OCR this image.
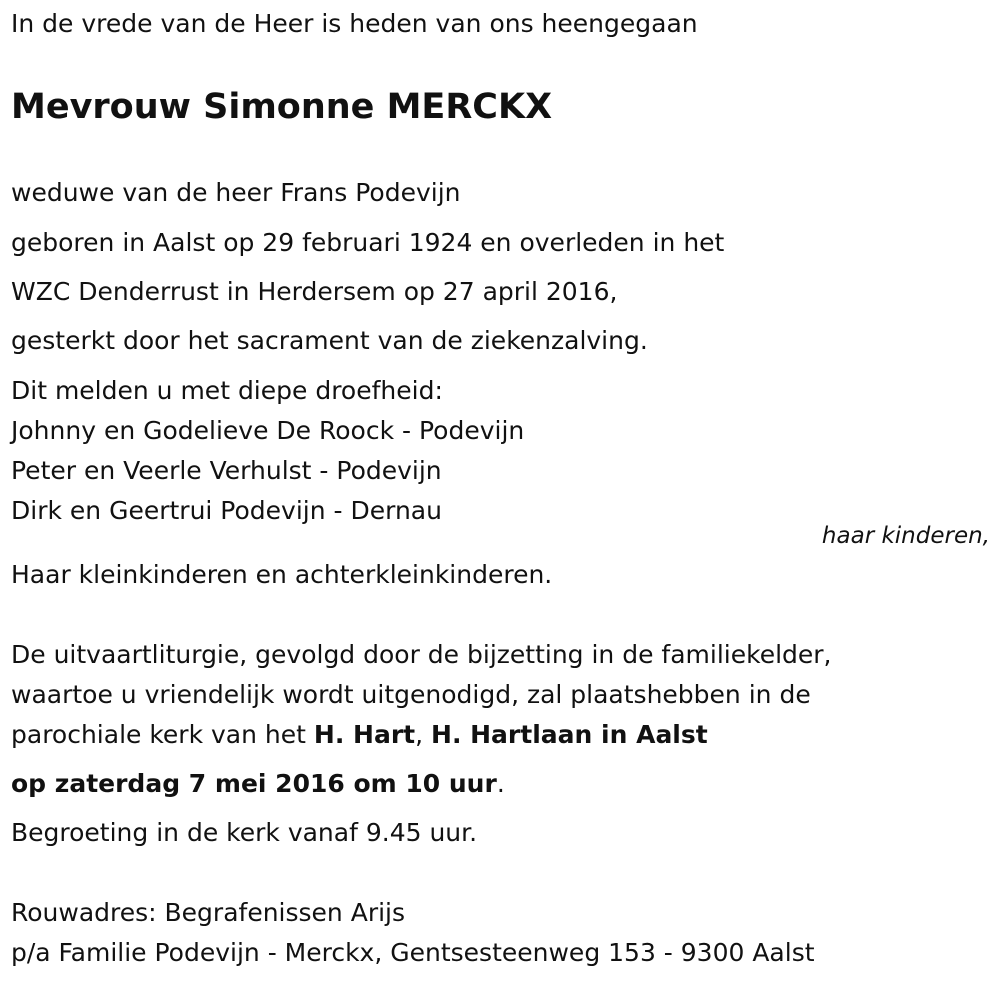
In de vrede van de Heer is heden van ons heengegaan
Mevrouw Simonne MERCKX
weduwe van de heer Frans Podevijn
geboren in Aalst op 29 februari 1924 en overleden in het
WZC Denderrust in Herdersem op 27 april 2016,
gesterkt door het sacrament van de ziekenzalving.
Dit melden u met diepe droefheid:
Johnny en Godelieve De Roock - Podevijn
Peter en Veerle Verhulst - Podevijn
Dirk en Geertrui Podevijn - Dernau
haar kinderen,
Haar kleinkinderen en achterkleinkinderen.
De uitvaartliturgie, gevolgd door de bijzetting in de familiekelder,
waartoe u vriendelijk wordt uitgenodigd, zal plaatshebben in de
parochiale kerk van het H. Hart, H. Hartlaan in Aalst
op zaterdag 7 mei 2016 om 10 uur.
Begroeting in de kerk vanaf 9.45 uur.
Rouwadres: Begrafenissen Arijs
p/a Familie Podevijn - Merckx, Gentsesteenweg 153 - 9300 Aalst
